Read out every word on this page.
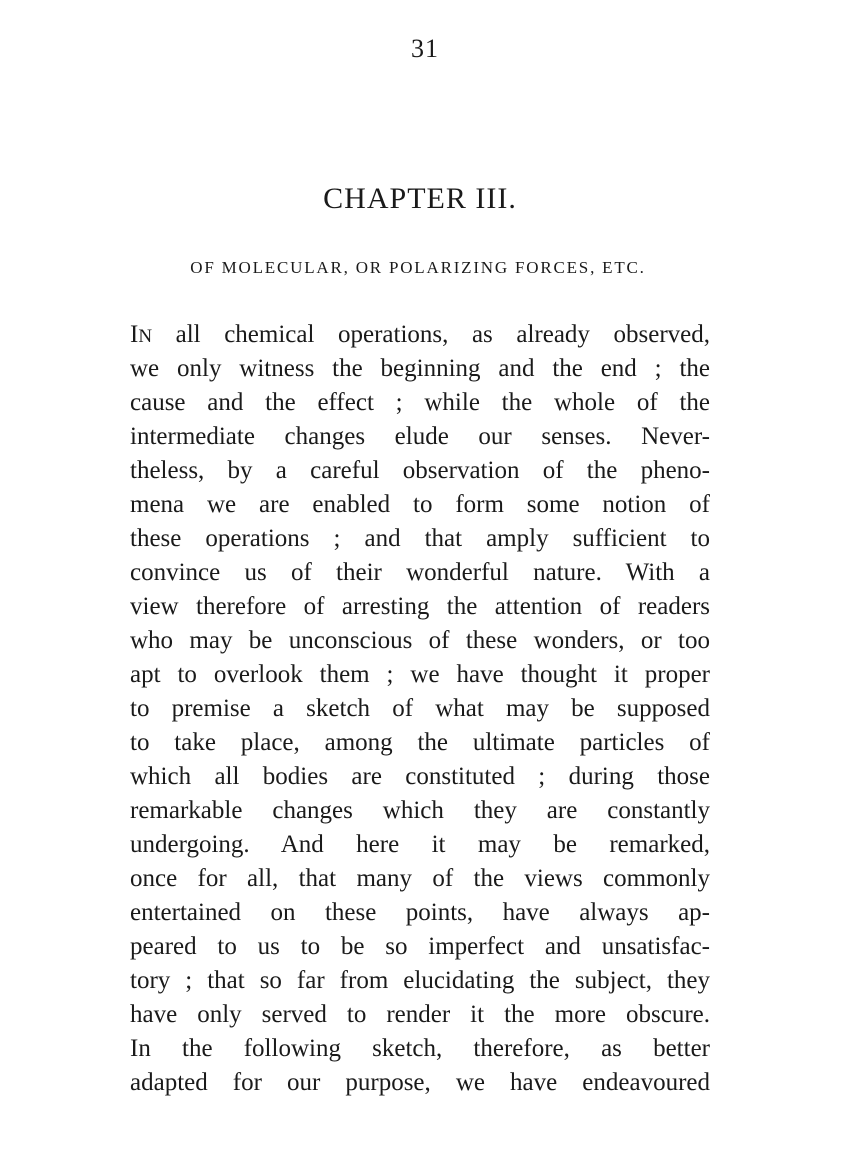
31
CHAPTER III.
OF MOLECULAR, OR POLARIZING FORCES, ETC.
IN all chemical operations, as already observed,
we only witness the beginning and the end ; the
cause and the effect ; while the whole of the
intermediate changes elude our senses. Never-
theless, by a careful observation of the pheno-
mena we are enabled to form some notion of
these operations ; and that amply sufficient to
convince us of their wonderful nature. With a
view therefore of arresting the attention of readers
who may be unconscious of these wonders, or too
apt to overlook them ; we have thought it proper
to premise a sketch of what may be supposed
to take place, among the ultimate particles of
which all bodies are constituted ; during those
remarkable changes which they are constantly
undergoing. And here it may be remarked,
once for all, that many of the views commonly
entertained on these points, have always ap-
peared to us to be so imperfect and unsatisfac-
tory ; that so far from elucidating the subject, they
have only served to render it the more obscure.
In the following sketch, therefore, as better
adapted for our purpose, we have endeavoured
